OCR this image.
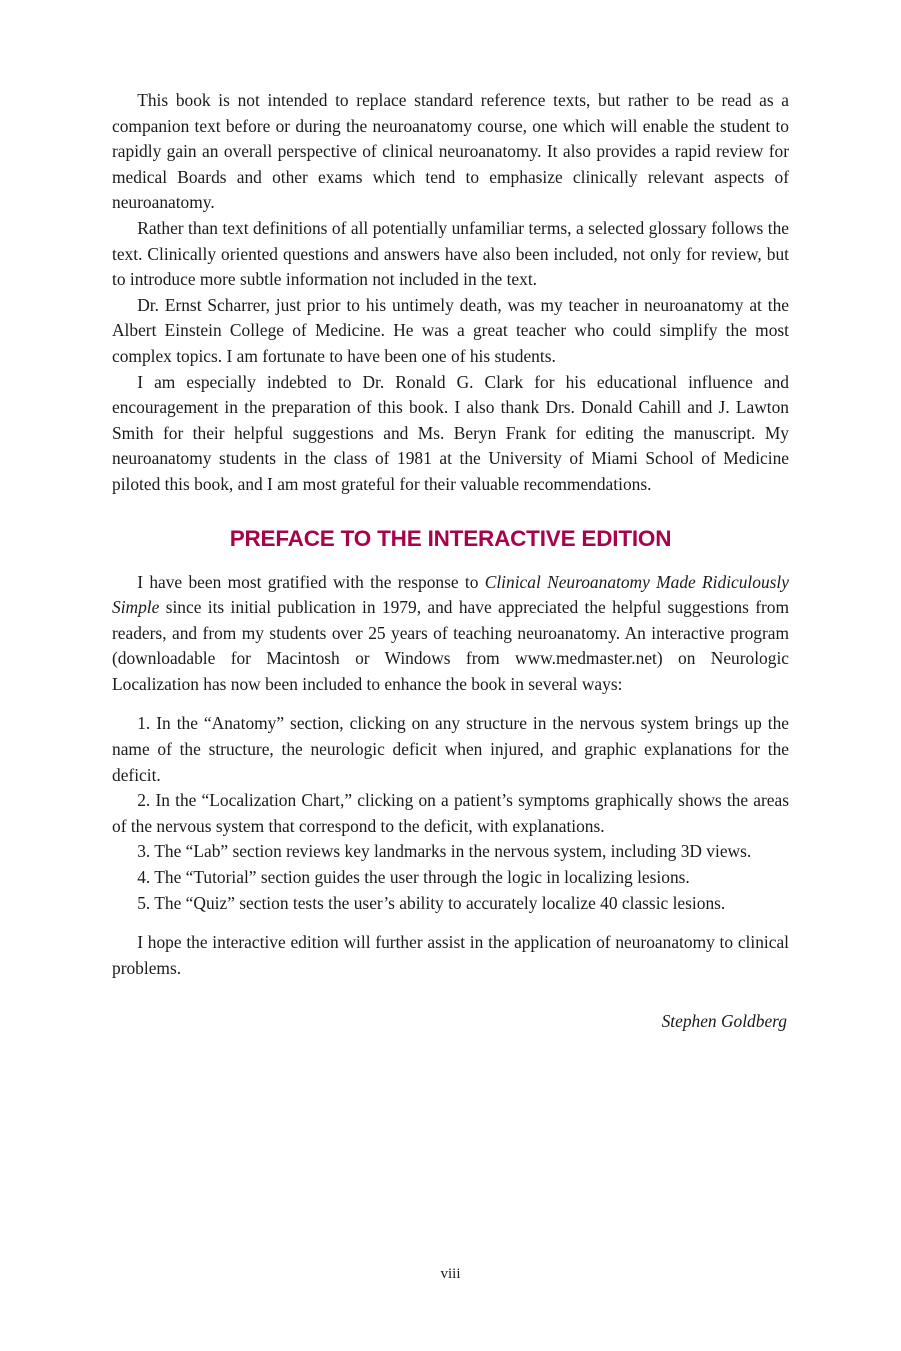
This book is not intended to replace standard reference texts, but rather to be read as a companion text before or during the neuroanatomy course, one which will enable the student to rapidly gain an overall perspective of clinical neuroanatomy. It also provides a rapid review for medical Boards and other exams which tend to emphasize clinically relevant aspects of neuroanatomy.

Rather than text definitions of all potentially unfamiliar terms, a selected glossary follows the text. Clinically oriented questions and answers have also been included, not only for review, but to introduce more subtle information not included in the text.

Dr. Ernst Scharrer, just prior to his untimely death, was my teacher in neuroanatomy at the Albert Einstein College of Medicine. He was a great teacher who could simplify the most complex topics. I am fortunate to have been one of his students.

I am especially indebted to Dr. Ronald G. Clark for his educational influence and encouragement in the preparation of this book. I also thank Drs. Donald Cahill and J. Lawton Smith for their helpful suggestions and Ms. Beryn Frank for editing the manuscript. My neuroanatomy students in the class of 1981 at the University of Miami School of Medicine piloted this book, and I am most grateful for their valuable recommendations.

PREFACE TO THE INTERACTIVE EDITION

I have been most gratified with the response to Clinical Neuroanatomy Made Ridiculously Simple since its initial publication in 1979, and have appreciated the helpful suggestions from readers, and from my students over 25 years of teaching neuroanatomy. An interactive program (downloadable for Macintosh or Windows from www.medmaster.net) on Neurologic Localization has now been included to enhance the book in several ways:

1. In the “Anatomy” section, clicking on any structure in the nervous system brings up the name of the structure, the neurologic deficit when injured, and graphic explanations for the deficit.

2. In the “Localization Chart,” clicking on a patient’s symptoms graphically shows the areas of the nervous system that correspond to the deficit, with explanations.

3. The “Lab” section reviews key landmarks in the nervous system, including 3D views.

4. The “Tutorial” section guides the user through the logic in localizing lesions.

5. The “Quiz” section tests the user’s ability to accurately localize 40 classic lesions.

I hope the interactive edition will further assist in the application of neuroanatomy to clinical problems.

Stephen Goldberg
viii
